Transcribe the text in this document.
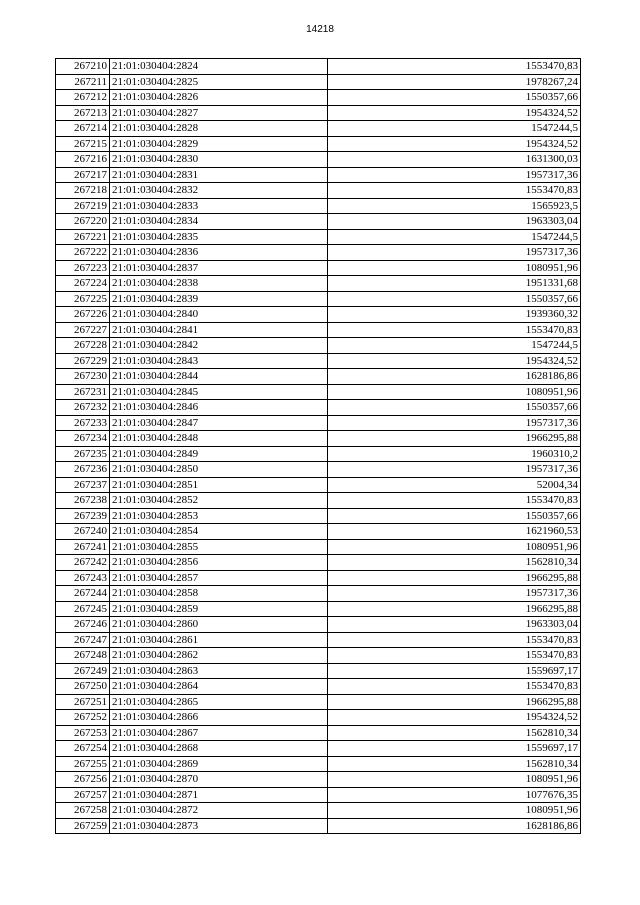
14218
267210	21:01:030404:2824	1553470,83
267211	21:01:030404:2825	1978267,24
267212	21:01:030404:2826	1550357,66
267213	21:01:030404:2827	1954324,52
267214	21:01:030404:2828	1547244,5
267215	21:01:030404:2829	1954324,52
267216	21:01:030404:2830	1631300,03
267217	21:01:030404:2831	1957317,36
267218	21:01:030404:2832	1553470,83
267219	21:01:030404:2833	1565923,5
267220	21:01:030404:2834	1963303,04
267221	21:01:030404:2835	1547244,5
267222	21:01:030404:2836	1957317,36
267223	21:01:030404:2837	1080951,96
267224	21:01:030404:2838	1951331,68
267225	21:01:030404:2839	1550357,66
267226	21:01:030404:2840	1939360,32
267227	21:01:030404:2841	1553470,83
267228	21:01:030404:2842	1547244,5
267229	21:01:030404:2843	1954324,52
267230	21:01:030404:2844	1628186,86
267231	21:01:030404:2845	1080951,96
267232	21:01:030404:2846	1550357,66
267233	21:01:030404:2847	1957317,36
267234	21:01:030404:2848	1966295,88
267235	21:01:030404:2849	1960310,2
267236	21:01:030404:2850	1957317,36
267237	21:01:030404:2851	52004,34
267238	21:01:030404:2852	1553470,83
267239	21:01:030404:2853	1550357,66
267240	21:01:030404:2854	1621960,53
267241	21:01:030404:2855	1080951,96
267242	21:01:030404:2856	1562810,34
267243	21:01:030404:2857	1966295,88
267244	21:01:030404:2858	1957317,36
267245	21:01:030404:2859	1966295,88
267246	21:01:030404:2860	1963303,04
267247	21:01:030404:2861	1553470,83
267248	21:01:030404:2862	1553470,83
267249	21:01:030404:2863	1559697,17
267250	21:01:030404:2864	1553470,83
267251	21:01:030404:2865	1966295,88
267252	21:01:030404:2866	1954324,52
267253	21:01:030404:2867	1562810,34
267254	21:01:030404:2868	1559697,17
267255	21:01:030404:2869	1562810,34
267256	21:01:030404:2870	1080951,96
267257	21:01:030404:2871	1077676,35
267258	21:01:030404:2872	1080951,96
267259	21:01:030404:2873	1628186,86
